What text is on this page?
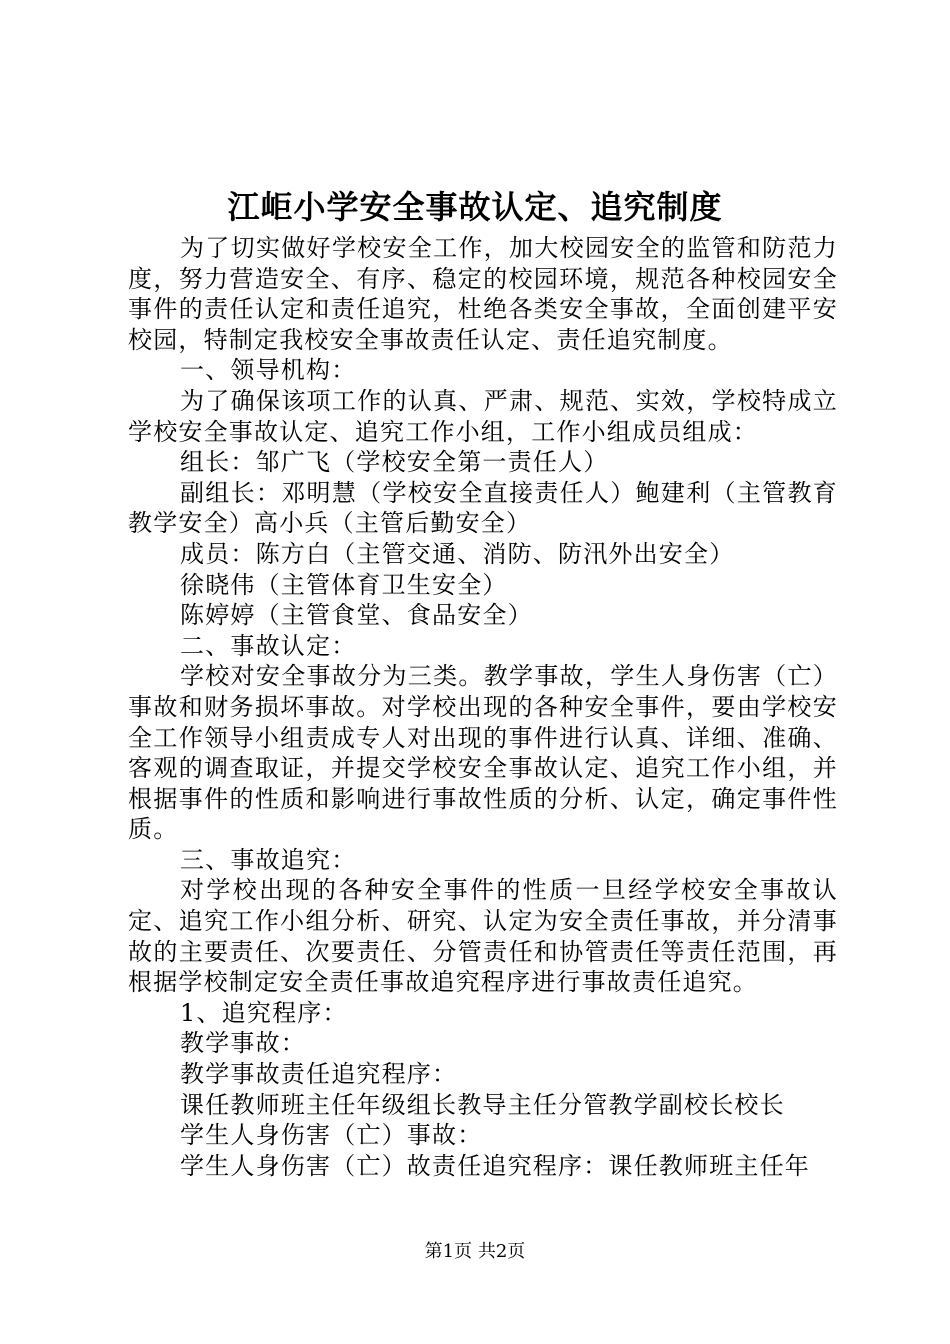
江岠小学安全事故认定、追究制度

为了切实做好学校安全工作，加大校园安全的监管和防范力度，努力营造安全、有序、稳定的校园环境，规范各种校园安全事件的责任认定和责任追究，杜绝各类安全事故，全面创建平安校园，特制定我校安全事故责任认定、责任追究制度。

一、领导机构：

为了确保该项工作的认真、严肃、规范、实效，学校特成立学校安全事故认定、追究工作小组，工作小组成员组成：

组长：邹广飞（学校安全第一责任人）

副组长：邓明慧（学校安全直接责任人）鲍建利（主管教育教学安全）高小兵（主管后勤安全）

成员：陈方白（主管交通、消防、防汛外出安全）

徐晓伟（主管体育卫生安全）

陈婷婷（主管食堂、食品安全）

二、事故认定：

学校对安全事故分为三类。教学事故，学生人身伤害（亡）事故和财务损坏事故。对学校出现的各种安全事件，要由学校安全工作领导小组责成专人对出现的事件进行认真、详细、准确、客观的调查取证，并提交学校安全事故认定、追究工作小组，并根据事件的性质和影响进行事故性质的分析、认定，确定事件性质。

三、事故追究：

对学校出现的各种安全事件的性质一旦经学校安全事故认定、追究工作小组分析、研究、认定为安全责任事故，并分清事故的主要责任、次要责任、分管责任和协管责任等责任范围，再根据学校制定安全责任事故追究程序进行事故责任追究。

1、追究程序：

教学事故：

教学事故责任追究程序：

课任教师班主任年级组长教导主任分管教学副校长校长

学生人身伤害（亡）事故：

学生人身伤害（亡）故责任追究程序：课任教师班主任年

第1页 共2页
